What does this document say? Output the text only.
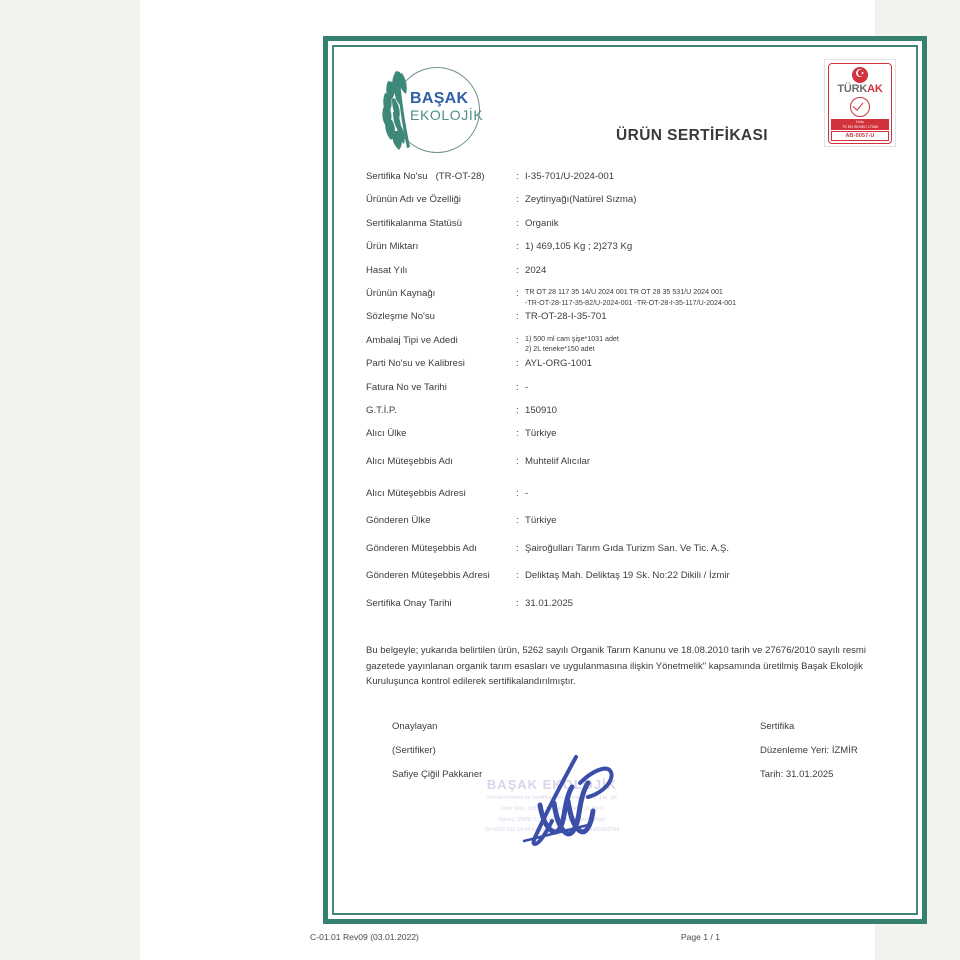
BAŞAK
EKOLOJİK
ÜRÜN SERTİFİKASI
☪
TÜRKAK
Ürün
TS EN ISO/IEC 17065
AB-0057-U
Sertifika No'su (TR-OT-28)	: I-35-701/U-2024-001
Ürünün Adı ve Özelliği	: Zeytinyağı(Natürel Sızma)
Sertifikalanma Statüsü	: Organik
Ürün Miktarı	: 1) 469,105 Kg ; 2)273 Kg
Hasat Yılı	: 2024
Ürünün Kaynağı	: TR OT 28 117 35 14/U 2024 001 TR OT 28 35 531/U 2024 001
-TR-OT-28-117-35-82/U-2024-001 -TR-OT-28-I-35-117/U-2024-001
Sözleşme No'su	: TR-OT-28-I-35-701
Ambalaj Tipi ve Adedi	: 1) 500 ml cam şişe*1031 adet
2) 2L teneke*150 adet
Parti No'su ve Kalibresi	: AYL-ORG-1001
Fatura No ve Tarihi	: -
G.T.İ.P.	: 150910
Alıcı Ülke	: Türkiye
Alıcı Müteşebbis Adı	: Muhtelif Alıcılar
Alıcı Müteşebbis Adresi	: -
Gönderen Ülke	: Türkiye
Gönderen Müteşebbis Adı	: Şairoğulları Tarım Gıda Turizm San. Ve Tic. A.Ş.
Gönderen Müteşebbis Adresi	: Deliktaş Mah. Deliktaş 19 Sk. No:22 Dikili / İzmir
Sertifika Onay Tarihi	: 31.01.2025
Bu belgeyle; yukarıda belirtilen ürün, 5262 sayılı Organik Tarım Kanunu ve 18.08.2010 tarih ve 27676/2010 sayılı resmi gazetede yayınlanan organik tarım esasları ve uygulanmasına ilişkin Yönetmelik" kapsamında üretilmiş Başak Ekolojik Kuruluşunca kontrol edilerek sertifikalandırılmıştır.
Onaylayan
(Sertifiker)
Safiye Çiğil Pakkaner
Sertifika
Düzenleme Yeri: İZMİR
Tarih: 31.01.2025
BAŞAK EKOLOJİK
Ürünleri Kontrol ve Sertifikasyon Hizmetleri Tic. Ltd. Şti.
Onur Mah. 1185/1 Sk. Yeşil Sitesi Cd. No:3
Sarnıç, İZMİR T.C. 1668 Konak İzmir/Türkiye
Tel 0232 132 14 04 Karşıyaka Vergi Dairesi 9460403748
C-01.01 Rev09 (03.01.2022)	Page 1 / 1
